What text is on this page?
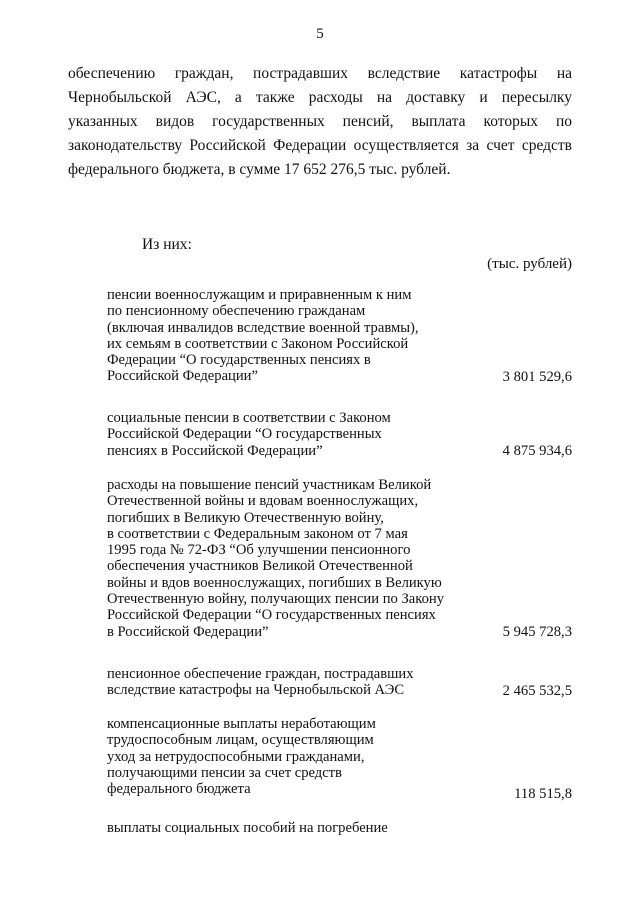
5
обеспечению граждан, пострадавших вследствие катастрофы на
Чернобыльской АЭС, а также расходы на доставку и пересылку
указанных видов государственных пенсий, выплата которых по
законодательству Российской Федерации осуществляется за счет средств
федерального бюджета, в сумме 17 652 276,5 тыс. рублей.
Из них:
(тыс. рублей)
пенсии военнослужащим и приравненным к ним
по пенсионному обеспечению гражданам
(включая инвалидов вследствие военной травмы),
их семьям в соответствии с Законом Российской
Федерации “О государственных пенсиях в
Российской Федерации”	3 801 529,6
социальные пенсии в соответствии с Законом
Российской Федерации “О государственных
пенсиях в Российской Федерации”	4 875 934,6
расходы на повышение пенсий участникам Великой
Отечественной войны и вдовам военнослужащих,
погибших в Великую Отечественную войну,
в соответствии с Федеральным законом от 7 мая
1995 года № 72-ФЗ “Об улучшении пенсионного
обеспечения участников Великой Отечественной
войны и вдов военнослужащих, погибших в Великую
Отечественную войну, получающих пенсии по Закону
Российской Федерации “О государственных пенсиях
в Российской Федерации”	5 945 728,3
пенсионное обеспечение граждан, пострадавших
вследствие катастрофы на Чернобыльской АЭС	2 465 532,5
компенсационные выплаты неработающим
трудоспособным лицам, осуществляющим
уход за нетрудоспособными гражданами,
получающими пенсии за счет средств
федерального бюджета	118 515,8
выплаты социальных пособий на погребение
